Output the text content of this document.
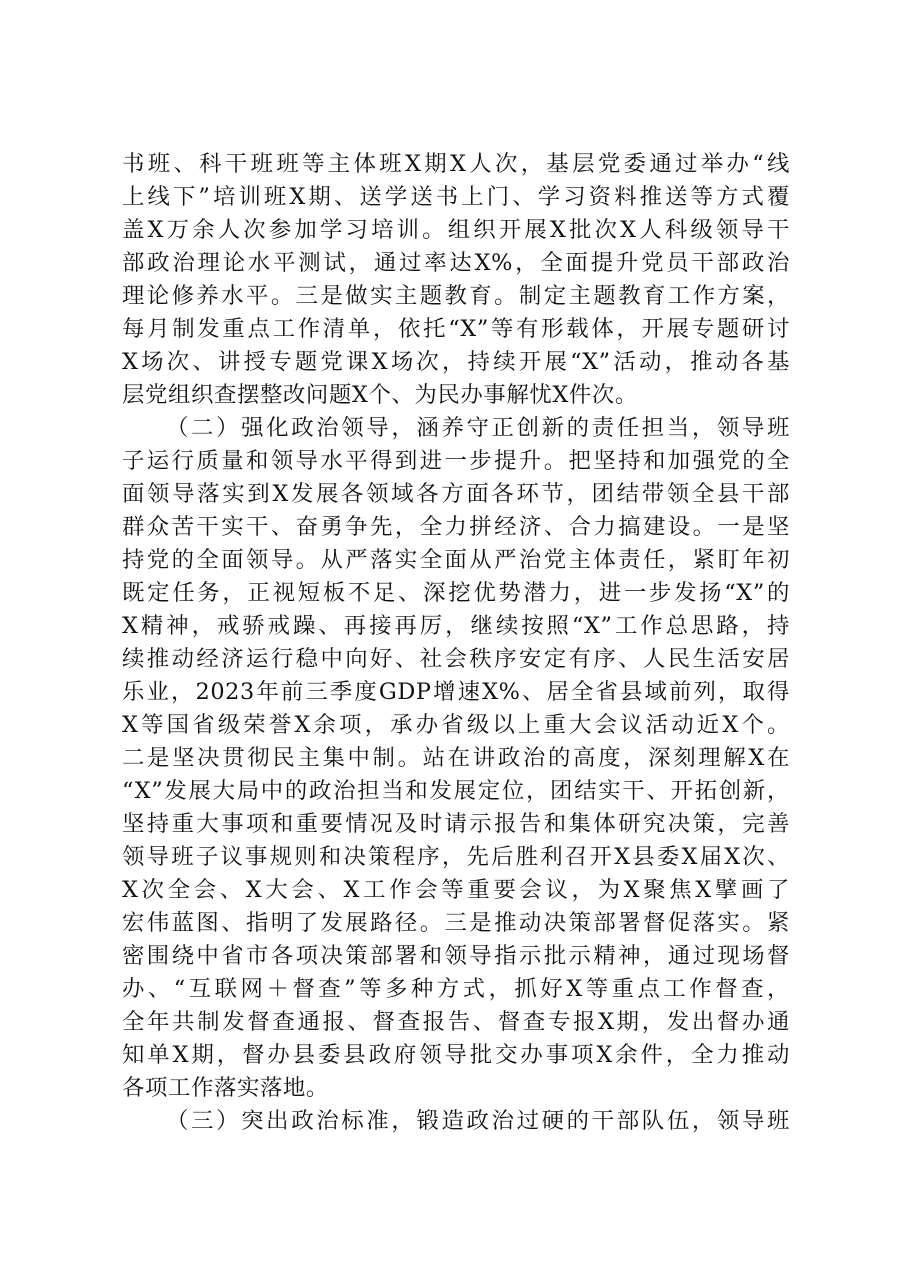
书班、科干班班等主体班X期X人次，基层党委通过举办“线
上线下”培训班X期、送学送书上门、学习资料推送等方式覆
盖X万余人次参加学习培训。组织开展X批次X人科级领导干
部政治理论水平测试，通过率达X%，全面提升党员干部政治
理论修养水平。三是做实主题教育。制定主题教育工作方案，
每月制发重点工作清单，依托“X”等有形载体，开展专题研讨
X场次、讲授专题党课X场次，持续开展“X”活动，推动各基
层党组织查摆整改问题X个、为民办事解忧X件次。
（二）强化政治领导，涵养守正创新的责任担当，领导班
子运行质量和领导水平得到进一步提升。把坚持和加强党的全
面领导落实到X发展各领域各方面各环节，团结带领全县干部
群众苦干实干、奋勇争先，全力拼经济、合力搞建设。一是坚
持党的全面领导。从严落实全面从严治党主体责任，紧盯年初
既定任务，正视短板不足、深挖优势潜力，进一步发扬“X”的
X精神，戒骄戒躁、再接再厉，继续按照“X”工作总思路，持
续推动经济运行稳中向好、社会秩序安定有序、人民生活安居
乐业，2023年前三季度GDP增速X%、居全省县域前列，取得
X等国省级荣誉X余项，承办省级以上重大会议活动近X个。
二是坚决贯彻民主集中制。站在讲政治的高度，深刻理解X在
“X”发展大局中的政治担当和发展定位，团结实干、开拓创新，
坚持重大事项和重要情况及时请示报告和集体研究决策，完善
领导班子议事规则和决策程序，先后胜利召开X县委X届X次、
X次全会、X大会、X工作会等重要会议，为X聚焦X擘画了
宏伟蓝图、指明了发展路径。三是推动决策部署督促落实。紧
密围绕中省市各项决策部署和领导指示批示精神，通过现场督
办、“互联网＋督查”等多种方式，抓好X等重点工作督查，
全年共制发督查通报、督查报告、督查专报X期，发出督办通
知单X期，督办县委县政府领导批交办事项X余件，全力推动
各项工作落实落地。
（三）突出政治标准，锻造政治过硬的干部队伍，领导班
